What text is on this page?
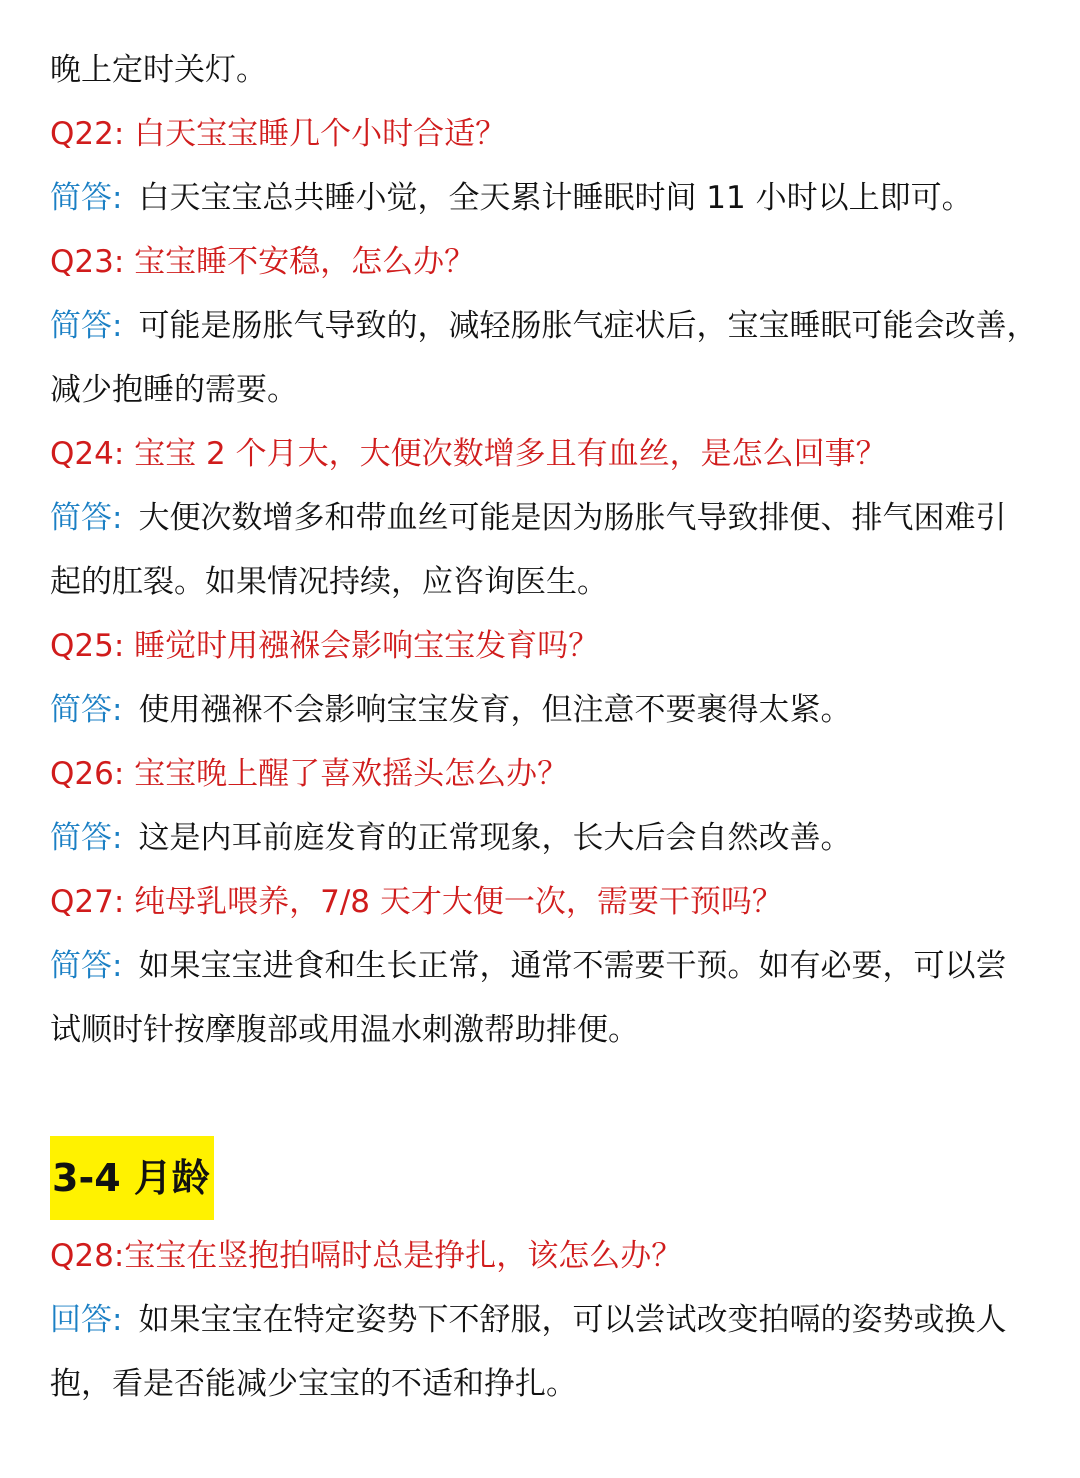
晚上定时关灯。
Q22: 白天宝宝睡几个小时合适？
简答: 白天宝宝总共睡小觉，全天累计睡眠时间 11 小时以上即可。
Q23: 宝宝睡不安稳，怎么办？
简答: 可能是肠胀气导致的，减轻肠胀气症状后，宝宝睡眠可能会改善，
减少抱睡的需要。
Q24: 宝宝 2 个月大，大便次数增多且有血丝，是怎么回事？
简答: 大便次数增多和带血丝可能是因为肠胀气导致排便、排气困难引
起的肛裂。如果情况持续，应咨询医生。
Q25: 睡觉时用襁褓会影响宝宝发育吗？
简答: 使用襁褓不会影响宝宝发育，但注意不要裹得太紧。
Q26: 宝宝晚上醒了喜欢摇头怎么办？
简答: 这是内耳前庭发育的正常现象，长大后会自然改善。
Q27: 纯母乳喂养，7/8 天才大便一次，需要干预吗？
简答: 如果宝宝进食和生长正常，通常不需要干预。如有必要，可以尝
试顺时针按摩腹部或用温水刺激帮助排便。
3-4 月龄
Q28:宝宝在竖抱拍嗝时总是挣扎，该怎么办？
回答: 如果宝宝在特定姿势下不舒服，可以尝试改变拍嗝的姿势或换人
抱，看是否能减少宝宝的不适和挣扎。
